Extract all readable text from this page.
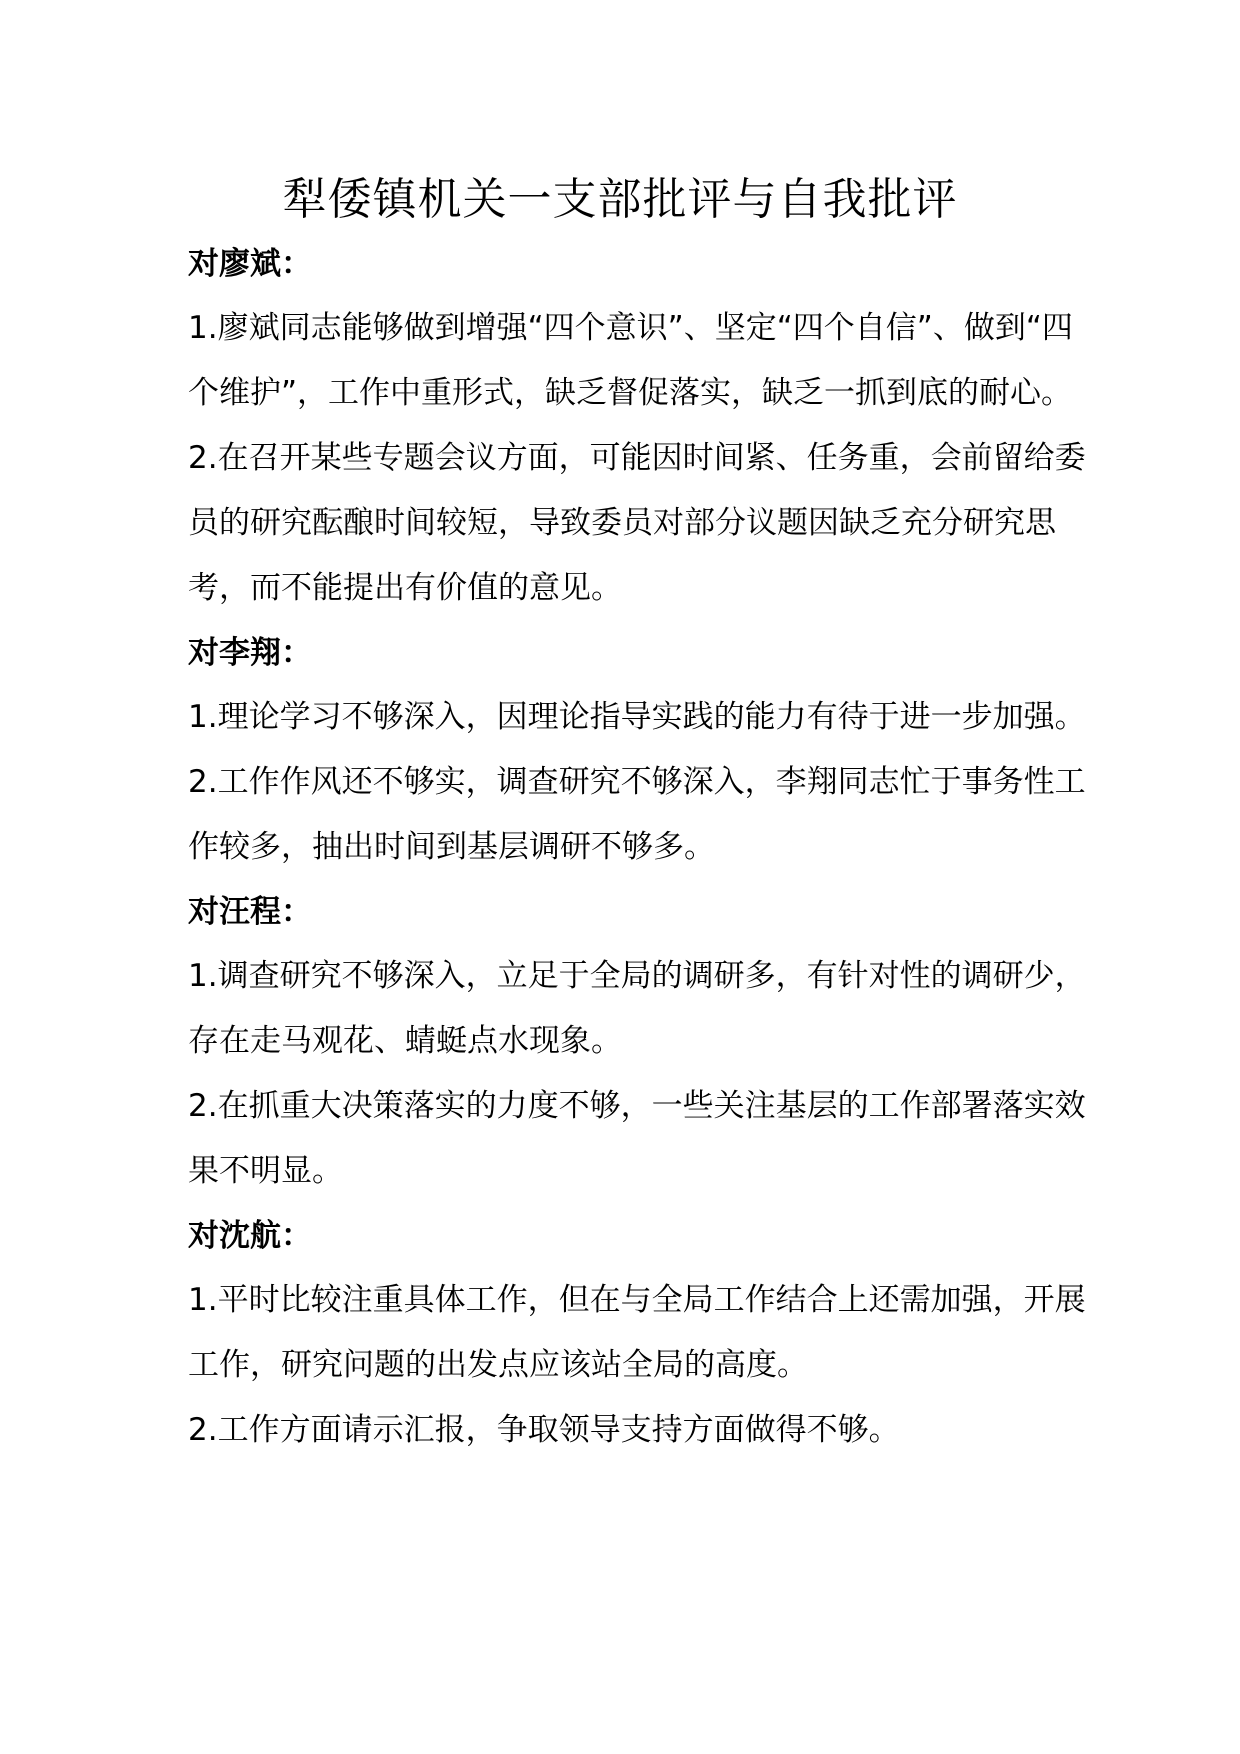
犁倭镇机关一支部批评与自我批评

对廖斌：

1.廖斌同志能够做到增强“四个意识”、坚定“四个自信”、做到“四个维护”，工作中重形式，缺乏督促落实，缺乏一抓到底的耐心。

2.在召开某些专题会议方面，可能因时间紧、任务重，会前留给委员的研究酝酿时间较短，导致委员对部分议题因缺乏充分研究思考，而不能提出有价值的意见。

对李翔：

1.理论学习不够深入，因理论指导实践的能力有待于进一步加强。

2.工作作风还不够实，调查研究不够深入，李翔同志忙于事务性工作较多，抽出时间到基层调研不够多。

对汪程：

1.调查研究不够深入，立足于全局的调研多，有针对性的调研少，存在走马观花、蜻蜓点水现象。

2.在抓重大决策落实的力度不够，一些关注基层的工作部署落实效果不明显。

对沈航：

1.平时比较注重具体工作，但在与全局工作结合上还需加强，开展工作，研究问题的出发点应该站全局的高度。

2.工作方面请示汇报，争取领导支持方面做得不够。
